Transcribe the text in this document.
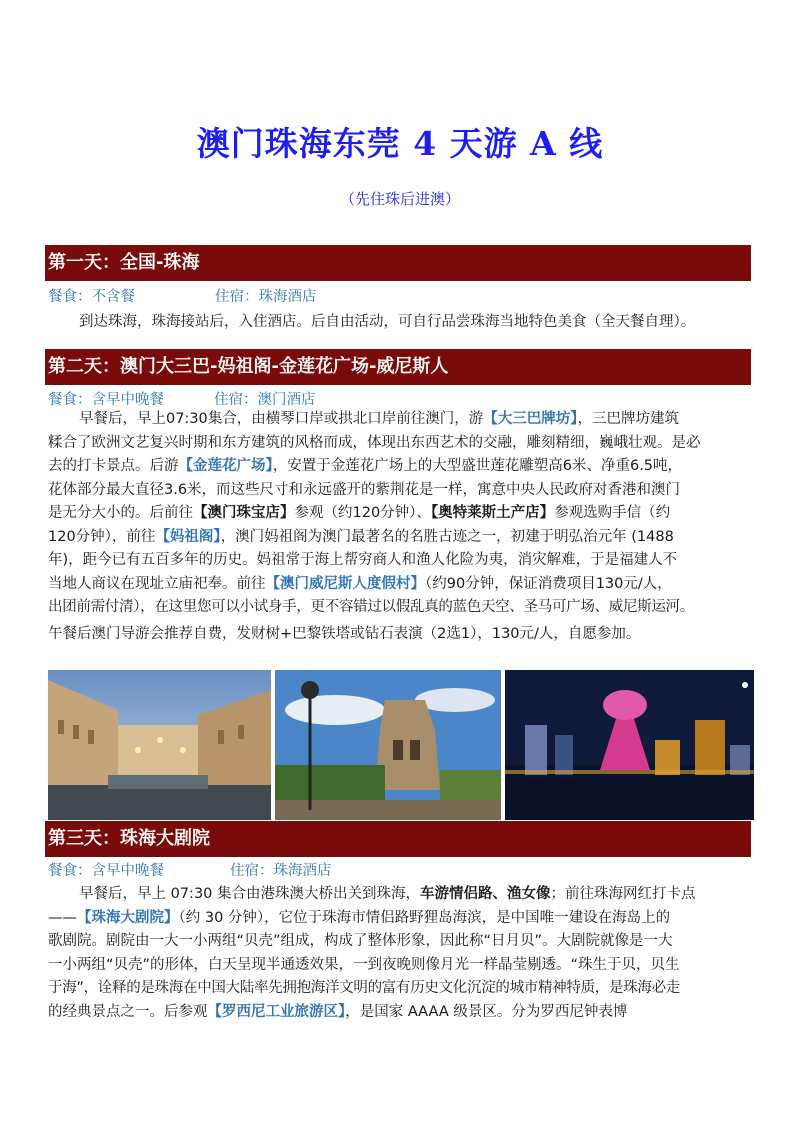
澳门珠海东莞 4 天游 A 线
（先住珠后进澳）
第一天：全国-珠海
餐食：不含餐	住宿：珠海酒店
到达珠海，珠海接站后，入住酒店。后自由活动，可自行品尝珠海当地特色美食（全天餐自理）。
第二天：澳门大三巴-妈祖阁-金莲花广场-威尼斯人
餐食：含早中晚餐	住宿：澳门酒店
早餐后，早上07:30集合，由横琴口岸或拱北口岸前往澳门，游【大三巴牌坊】，三巴牌坊建筑
糅合了欧洲文艺复兴时期和东方建筑的风格而成，体现出东西艺术的交融，雕刻精细，巍峨壮观。是必
去的打卡景点。后游【金莲花广场】，安置于金莲花广场上的大型盛世莲花雕塑高6米、净重6.5吨，
花体部分最大直径3.6米，而这些尺寸和永远盛开的紫荆花是一样，寓意中央人民政府对香港和澳门
是无分大小的。后前往【澳门珠宝店】参观（约120分钟）、【奥特莱斯土产店】参观选购手信（约
120分钟），前往【妈祖阁】，澳门妈祖阁为澳门最著名的名胜古迹之一，初建于明弘治元年 (1488
年)，距今已有五百多年的历史。妈祖常于海上帮穷商人和渔人化险为夷，消灾解难，于是福建人不
当地人商议在现址立庙祀奉。前往【澳门威尼斯人度假村】（约90分钟，保证消费项目130元/人，
出团前需付清），在这里您可以小试身手，更不容错过以假乱真的蓝色天空、圣马可广场、威尼斯运河。
午餐后澳门导游会推荐自费，发财树+巴黎铁塔或钻石表演（2选1），130元/人，自愿参加。
第三天：珠海大剧院
餐食：含早中晚餐	住宿：珠海酒店
早餐后，早上 07:30 集合由港珠澳大桥出关到珠海，车游情侣路、渔女像；前往珠海网红打卡点
——【珠海大剧院】（约 30 分钟），它位于珠海市情侣路野狸岛海滨，是中国唯一建设在海岛上的
歌剧院。剧院由一大一小两组“贝壳”组成，构成了整体形象，因此称“日月贝”。大剧院就像是一大
一小两组“贝壳”的形体，白天呈现半通透效果，一到夜晚则像月光一样晶莹剔透。“珠生于贝，贝生
于海”，诠释的是珠海在中国大陆率先拥抱海洋文明的富有历史文化沉淀的城市精神特质，是珠海必走
的经典景点之一。后参观【罗西尼工业旅游区】，是国家 AAAA 级景区。分为罗西尼钟表博
